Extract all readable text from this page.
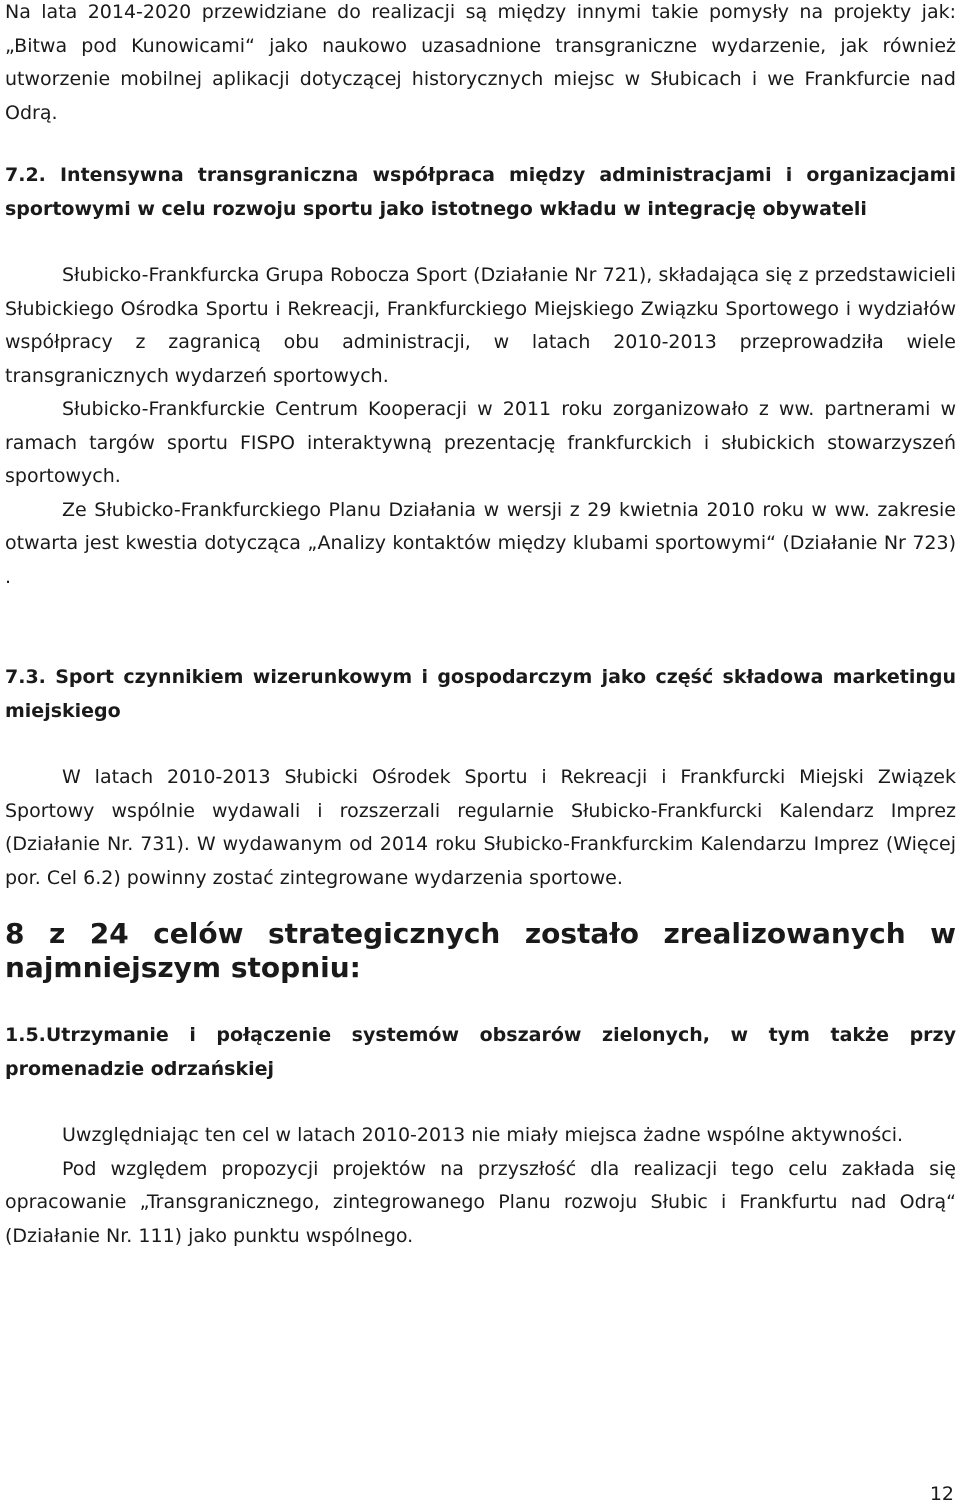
Na lata 2014-2020 przewidziane do realizacji są między innymi takie pomysły na projekty jak: „Bitwa pod Kunowicami“ jako naukowo uzasadnione transgraniczne wydarzenie, jak również utworzenie mobilnej aplikacji dotyczącej historycznych miejsc w Słubicach i we Frankfurcie nad Odrą.

7.2. Intensywna transgraniczna współpraca między administracjami i organizacjami sportowymi w celu rozwoju sportu jako istotnego wkładu w integrację obywateli

Słubicko-Frankfurcka Grupa Robocza Sport (Działanie Nr 721), składająca się z przedstawicieli Słubickiego Ośrodka Sportu i Rekreacji, Frankfurckiego Miejskiego Związku Sportowego i wydziałów współpracy z zagranicą obu administracji, w latach 2010-2013 przeprowadziła wiele transgranicznych wydarzeń sportowych.

Słubicko-Frankfurckie Centrum Kooperacji w 2011 roku zorganizowało z ww. partnerami w ramach targów sportu FISPO interaktywną prezentację frankfurckich i słubickich stowarzyszeń sportowych.

Ze Słubicko-Frankfurckiego Planu Działania w wersji z 29 kwietnia 2010 roku w ww. zakresie otwarta jest kwestia dotycząca „Analizy kontaktów między klubami sportowymi“ (Działanie Nr 723) .

7.3. Sport czynnikiem wizerunkowym i gospodarczym jako część składowa marketingu miejskiego

W latach 2010-2013 Słubicki Ośrodek Sportu i Rekreacji i Frankfurcki Miejski Związek Sportowy wspólnie wydawali i rozszerzali regularnie Słubicko-Frankfurcki Kalendarz Imprez (Działanie Nr. 731). W wydawanym od 2014 roku Słubicko-Frankfurckim Kalendarzu Imprez (Więcej por. Cel 6.2) powinny zostać zintegrowane wydarzenia sportowe.

8 z 24 celów strategicznych zostało zrealizowanych w najmniejszym stopniu:

1.5.Utrzymanie i połączenie systemów obszarów zielonych, w tym także przy promenadzie odrzańskiej

Uwzględniając ten cel w latach 2010-2013 nie miały miejsca żadne wspólne aktywności.

Pod względem propozycji projektów na przyszłość dla realizacji tego celu zakłada się opracowanie „Transgranicznego, zintegrowanego Planu rozwoju Słubic i Frankfurtu nad Odrą“ (Działanie Nr. 111) jako punktu wspólnego.

12
